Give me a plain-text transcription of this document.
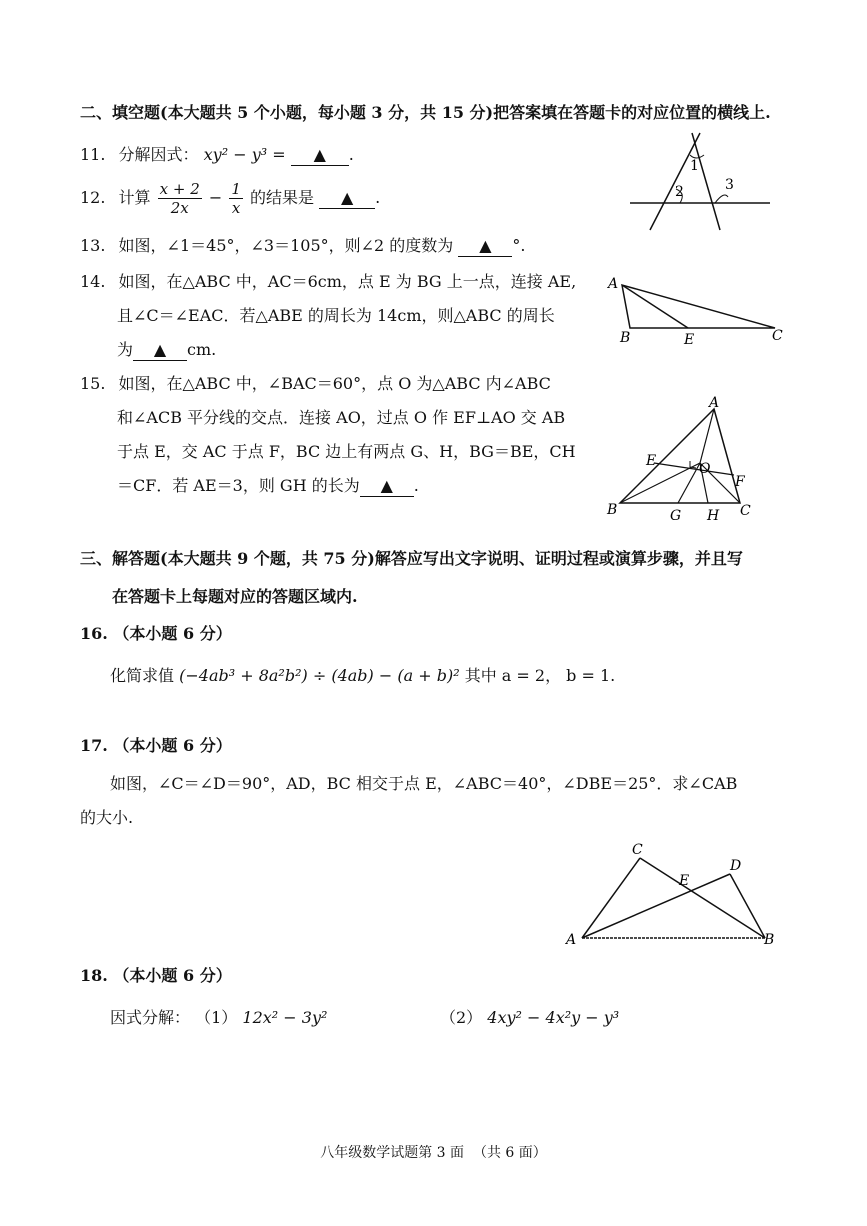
二、填空题(本大题共 5 个小题，每小题 3 分，共 15 分)把答案填在答题卡的对应位置的横线上.
11. 分解因式： xy² − y³ = ▲ .
12. 计算 $\frac{x + 2}{2x} - \frac{1}{x}$ 的结果是 ▲ .
13. 如图，∠1＝45°，∠3＝105°，则∠2 的度数为 ▲ °.
1
2	3
14. 如图，在△ABC 中，AC＝6cm，点 E 为 BG 上一点，连接 AE,
且∠C＝∠EAC．若△ABE 的周长为 14cm，则△ABC 的周长
为 ▲ cm.
A
B	E	C
15. 如图，在△ABC 中，∠BAC＝60°，点 O 为△ABC 内∠ABC
和∠ACB 平分线的交点．连接 AO，过点 O 作 EF⊥AO 交 AB
于点 E，交 AC 于点 F，BC 边上有两点 G、H，BG＝BE，CH
＝CF．若 AE＝3，则 GH 的长为 ▲ .
A
E	O
F
B	G H C
三、解答题(本大题共 9 个题，共 75 分)解答应写出文字说明、证明过程或演算步骤，并且写
在答题卡上每题对应的答题区域内.
16. （本小题 6 分）
化简求值 (−4ab³ + 8a²b²) ÷ (4ab) − (a + b)² 其中 a = 2， b = 1.
17. （本小题 6 分）
如图，∠C＝∠D＝90°，AD，BC 相交于点 E，∠ABC＝40°，∠DBE＝25°．求∠CAB
的大小.
C
E
D
A	B
18. （本小题 6 分）
因式分解： （1） 12x² − 3y²	（2） 4xy² − 4x²y − y³
八年级数学试题第 3 面  （共 6 面）
